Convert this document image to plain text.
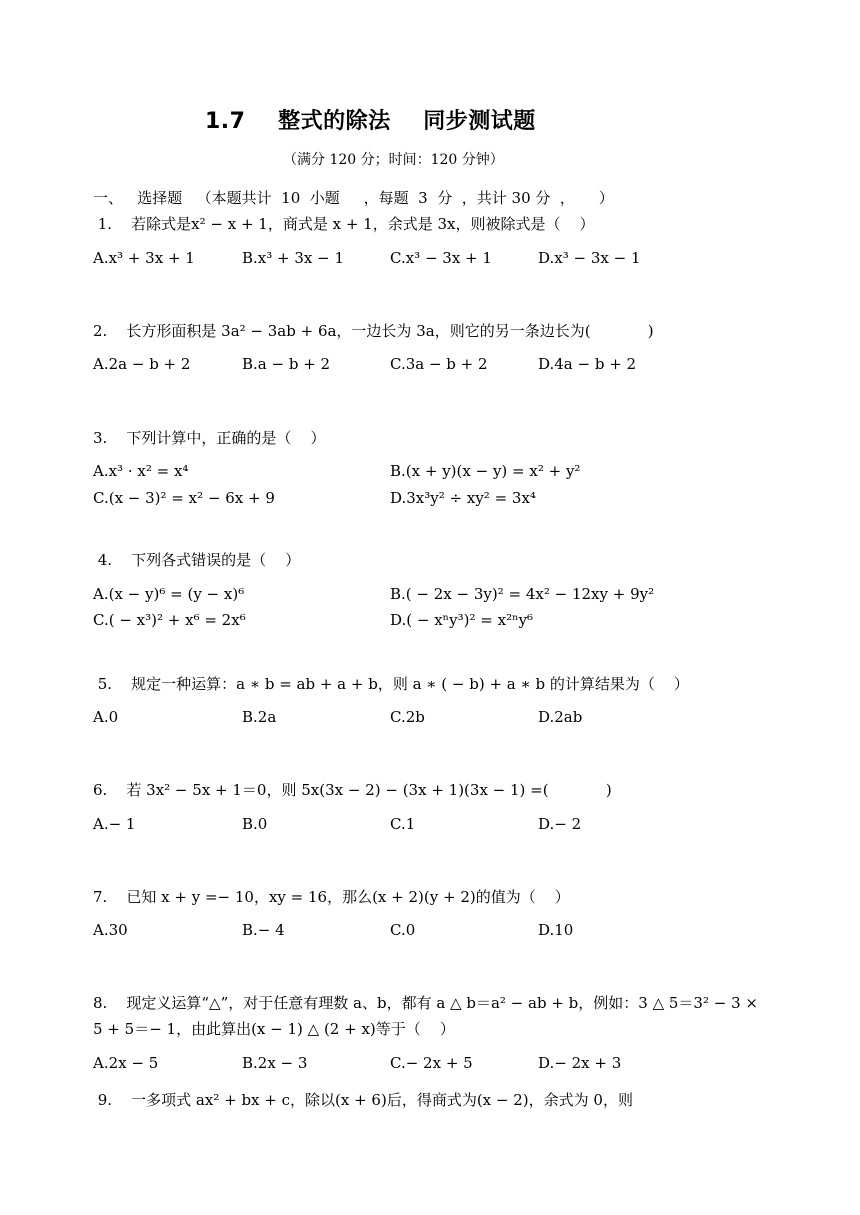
1.7    整式的除法    同步测试题
（满分 120 分；时间：120 分钟）
一、   选择题   （本题共计  10  小题     ，每题  3  分  ，共计 30 分  ，     ）
1.    若除式是x² − x + 1，商式是 x + 1，余式是 3x，则被除式是（    ）
A.x³ + 3x + 1	B.x³ + 3x − 1	C.x³ − 3x + 1	D.x³ − 3x − 1
2.    长方形面积是 3a² − 3ab + 6a，一边长为 3a，则它的另一条边长为(            )
A.2a − b + 2	B.a − b + 2	C.3a − b + 2	D.4a − b + 2
3.    下列计算中，正确的是（    ）
A.x³ · x² = x⁴	B.(x + y)(x − y) = x² + y²
C.(x − 3)² = x² − 6x + 9	D.3x³y² ÷ xy² = 3x⁴
4.    下列各式错误的是（    ）
A.(x − y)⁶ = (y − x)⁶	B.( − 2x − 3y)² = 4x² − 12xy + 9y²
C.( − x³)² + x⁶ = 2x⁶	D.( − xⁿy³)² = x²ⁿy⁶
5.    规定一种运算：a ∗ b = ab + a + b，则 a ∗ ( − b) + a ∗ b 的计算结果为（    ）
A.0	B.2a	C.2b	D.2ab
6.    若 3x² − 5x + 1＝0，则 5x(3x − 2) − (3x + 1)(3x − 1) =(            )
A.− 1	B.0	C.1	D.− 2
7.    已知 x + y =− 10，xy = 16，那么(x + 2)(y + 2)的值为（    ）
A.30	B.− 4	C.0	D.10
8.    现定义运算“△”，对于任意有理数 a、b，都有 a △ b＝a² − ab + b，例如：3 △ 5＝3² − 3 ×
5 + 5＝− 1，由此算出(x − 1) △ (2 + x)等于（    ）
A.2x − 5	B.2x − 3	C.− 2x + 5	D.− 2x + 3
9.    一多项式 ax² + bx + c，除以(x + 6)后，得商式为(x − 2)，余式为 0，则
